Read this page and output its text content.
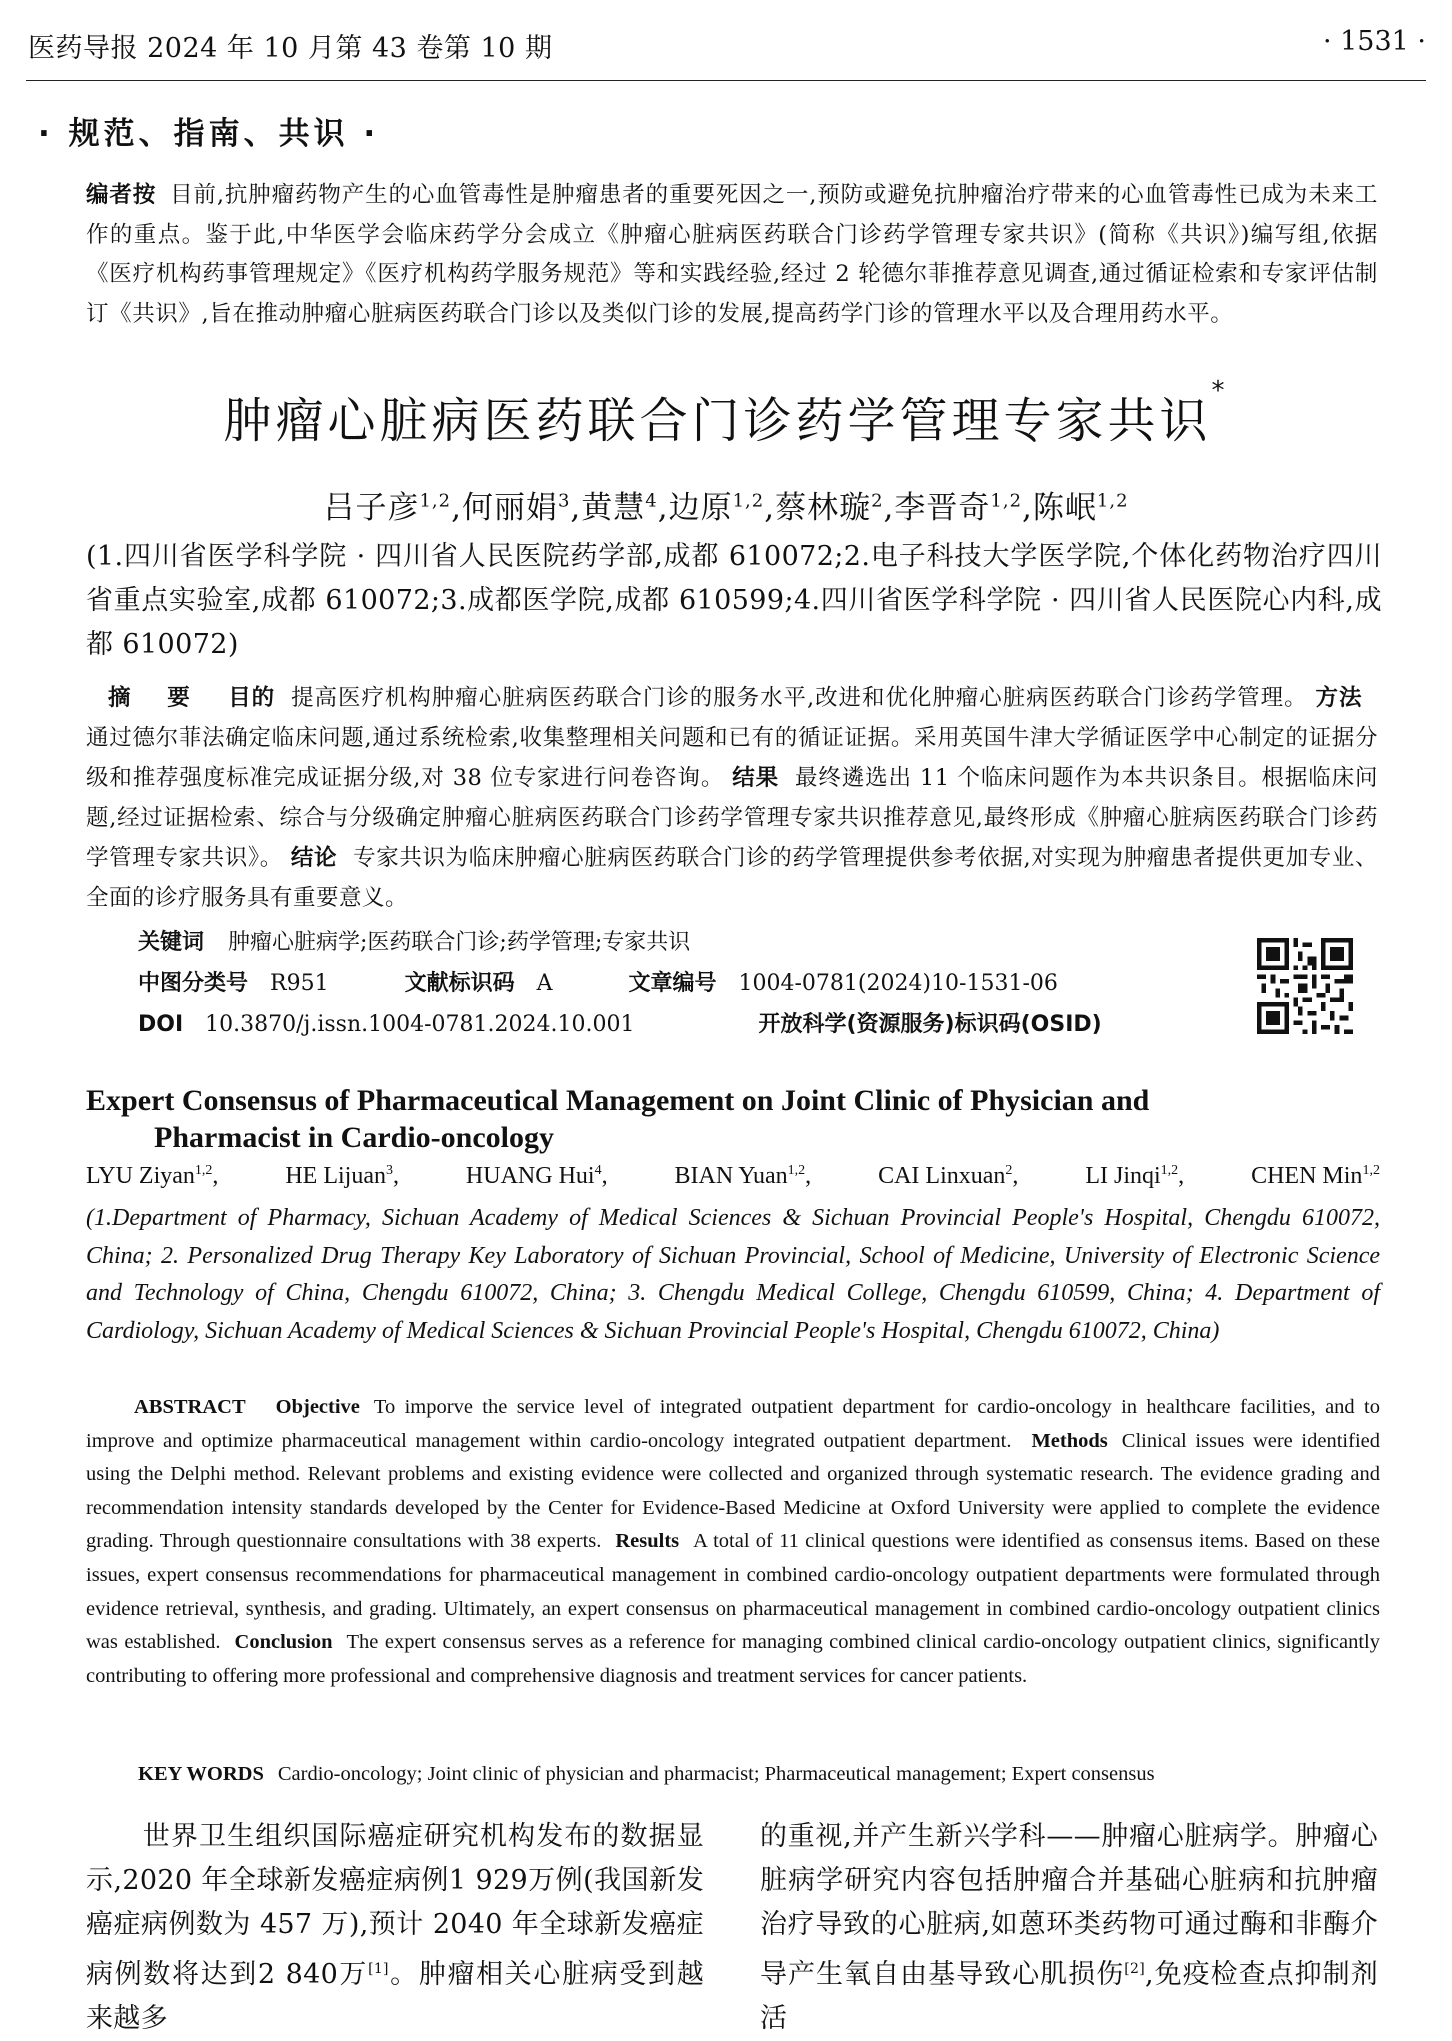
医药导报 2024 年 10 月第 43 卷第 10 期	· 1531 ·
· 规范、指南、共识 ·
编者按 目前,抗肿瘤药物产生的心血管毒性是肿瘤患者的重要死因之一,预防或避免抗肿瘤治疗带来的心血管毒性已成为未来工作的重点。鉴于此,中华医学会临床药学分会成立《肿瘤心脏病医药联合门诊药学管理专家共识》(简称《共识》)编写组,依据《医疗机构药事管理规定》《医疗机构药学服务规范》等和实践经验,经过 2 轮德尔菲推荐意见调查,通过循证检索和专家评估制订《共识》,旨在推动肿瘤心脏病医药联合门诊以及类似门诊的发展,提高药学门诊的管理水平以及合理用药水平。
肿瘤心脏病医药联合门诊药学管理专家共识*
吕子彦$^{1,2}$,何丽娟$^3$,黄慧$^4$,边原$^{1,2}$,蔡林璇$^2$,李晋奇$^{1,2}$,陈岷$^{1,2}$
(1.四川省医学科学院 · 四川省人民医院药学部,成都 610072;2.电子科技大学医学院,个体化药物治疗四川省重点实验室,成都 610072;3.成都医学院,成都 610599;4.四川省医学科学院 · 四川省人民医院心内科,成都 610072)
摘 要 目的 提高医疗机构肿瘤心脏病医药联合门诊的服务水平,改进和优化肿瘤心脏病医药联合门诊药学管理。 方法通过德尔菲法确定临床问题,通过系统检索,收集整理相关问题和已有的循证证据。采用英国牛津大学循证医学中心制定的证据分级和推荐强度标准完成证据分级,对 38 位专家进行问卷咨询。 结果 最终遴选出 11 个临床问题作为本共识条目。根据临床问题,经过证据检索、综合与分级确定肿瘤心脏病医药联合门诊药学管理专家共识推荐意见,最终形成《肿瘤心脏病医药联合门诊药学管理专家共识》。 结论 专家共识为临床肿瘤心脏病医药联合门诊的药学管理提供参考依据,对实现为肿瘤患者提供更加专业、全面的诊疗服务具有重要意义。
关键词 肿瘤心脏病学;医药联合门诊;药学管理;专家共识
中图分类号 R951	文献标识码 A	文章编号 1004-0781(2024)10-1531-06
DOI 10.3870/j.issn.1004-0781.2024.10.001	开放科学(资源服务)标识码(OSID)
Expert Consensus of Pharmaceutical Management on Joint Clinic of Physician and
Pharmacist in Cardio-oncology
LYU Ziyan$^{1,2}$,	HE Lijuan$^3$,	HUANG Hui$^4$,	BIAN Yuan$^{1,2}$,	CAI Linxuan$^2$,	LI Jinqi$^{1,2}$,	CHEN Min$^{1,2}$
(1.Department of Pharmacy, Sichuan Academy of Medical Sciences & Sichuan Provincial People's Hospital, Chengdu 610072, China; 2. Personalized Drug Therapy Key Laboratory of Sichuan Provincial, School of Medicine, University of Electronic Science and Technology of China, Chengdu 610072, China; 3. Chengdu Medical College, Chengdu 610599, China; 4. Department of Cardiology, Sichuan Academy of Medical Sciences & Sichuan Provincial People's Hospital, Chengdu 610072, China)
ABSTRACT Objective To imporve the service level of integrated outpatient department for cardio-oncology in healthcare facilities, and to improve and optimize pharmaceutical management within cardio-oncology integrated outpatient department. Methods Clinical issues were identified using the Delphi method. Relevant problems and existing evidence were collected and organized through systematic research. The evidence grading and recommendation intensity standards developed by the Center for Evidence-Based Medicine at Oxford University were applied to complete the evidence grading. Through questionnaire consultations with 38 experts. Results A total of 11 clinical questions were identified as consensus items. Based on these issues, expert consensus recommendations for pharmaceutical management in combined cardio-oncology outpatient departments were formulated through evidence retrieval, synthesis, and grading. Ultimately, an expert consensus on pharmaceutical management in combined cardio-oncology outpatient clinics was established. Conclusion The expert consensus serves as a reference for managing combined clinical cardio-oncology outpatient clinics, significantly contributing to offering more professional and comprehensive diagnosis and treatment services for cancer patients.
KEY WORDS Cardio-oncology; Joint clinic of physician and pharmacist; Pharmaceutical management; Expert consensus
世界卫生组织国际癌症研究机构发布的数据显示,2020 年全球新发癌症病例1 929万例(我国新发癌症病例数为 457 万),预计 2040 年全球新发癌症病例数将达到2 840万[1]。肿瘤相关心脏病受到越来越多
的重视,并产生新兴学科——肿瘤心脏病学。肿瘤心脏病学研究内容包括肿瘤合并基础心脏病和抗肿瘤治疗导致的心脏病,如蒽环类药物可通过酶和非酶介导产生氧自由基导致心肌损伤[2],免疫检查点抑制剂活
